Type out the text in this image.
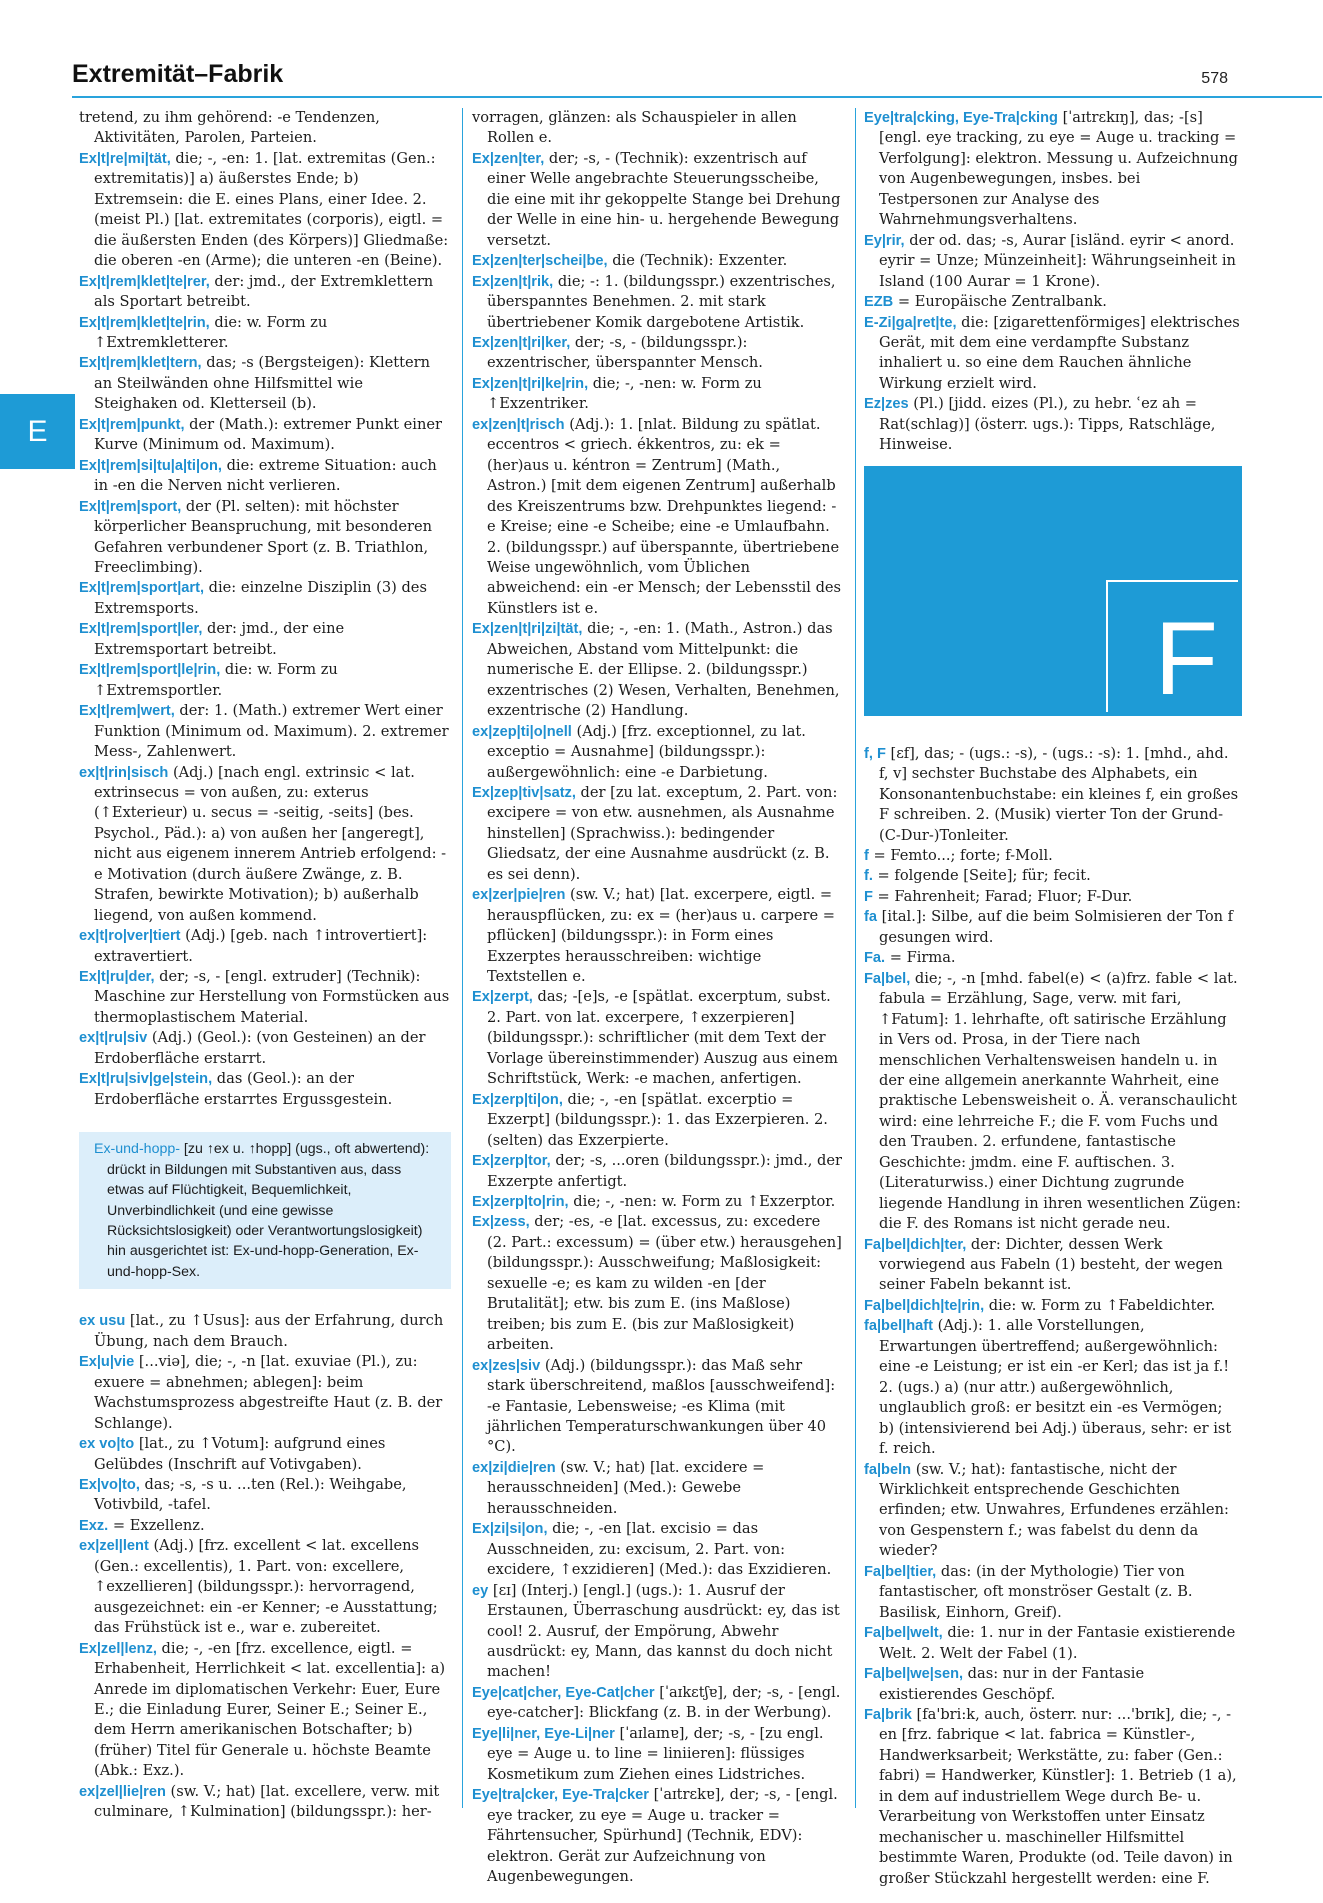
Extremität–Fabrik	578
E

tretend, zu ihm gehörend: -e Tendenzen, Aktivitäten, Parolen, Parteien.

Ex|t|re|mi|tät, die; -, -en: 1. [lat. extremitas (Gen.: extremitatis)] a) äußerstes Ende; b) Extremsein: die E. eines Plans, einer Idee. 2. (meist Pl.) [lat. extremitates (corporis), eigtl. = die äußersten Enden (des Körpers)] Gliedmaße: die oberen -en (Arme); die unteren -en (Beine).

Ex|t|rem|klet|te|rer, der: jmd., der Extremklettern als Sportart betreibt.

Ex|t|rem|klet|te|rin, die: w. Form zu ↑Extremkletterer.

Ex|t|rem|klet|tern, das; -s (Bergsteigen): Klettern an Steilwänden ohne Hilfsmittel wie Steighaken od. Kletterseil (b).

Ex|t|rem|punkt, der (Math.): extremer Punkt einer Kurve (Minimum od. Maximum).

Ex|t|rem|si|tu|a|ti|on, die: extreme Situation: auch in -en die Nerven nicht verlieren.

Ex|t|rem|sport, der (Pl. selten): mit höchster körperlicher Beanspruchung, mit besonderen Gefahren verbundener Sport (z. B. Triathlon, Freeclimbing).

Ex|t|rem|sport|art, die: einzelne Disziplin (3) des Extremsports.

Ex|t|rem|sport|ler, der: jmd., der eine Extremsportart betreibt.

Ex|t|rem|sport|le|rin, die: w. Form zu ↑Extremsportler.

Ex|t|rem|wert, der: 1. (Math.) extremer Wert einer Funktion (Minimum od. Maximum). 2. extremer Mess-, Zahlenwert.

ex|t|rin|sisch (Adj.) [nach engl. extrinsic < lat. extrinsecus = von außen, zu: exterus (↑Exterieur) u. secus = -seitig, -seits] (bes. Psychol., Päd.): a) von außen her [angeregt], nicht aus eigenem innerem Antrieb erfolgend: -e Motivation (durch äußere Zwänge, z. B. Strafen, bewirkte Motivation); b) außerhalb liegend, von außen kommend.

ex|t|ro|ver|tiert (Adj.) [geb. nach ↑introvertiert]: extravertiert.

Ex|t|ru|der, der; -s, - [engl. extruder] (Technik): Maschine zur Herstellung von Formstücken aus thermoplastischem Material.

ex|t|ru|siv (Adj.) (Geol.): (von Gesteinen) an der Erdoberfläche erstarrt.

Ex|t|ru|siv|ge|stein, das (Geol.): an der Erdoberfläche erstarrtes Ergussgestein.

Ex-und-hopp- [zu ↑ex u. ↑hopp] (ugs., oft abwertend): drückt in Bildungen mit Substantiven aus, dass etwas auf Flüchtigkeit, Bequemlichkeit, Unverbindlichkeit (und eine gewisse Rücksichtslosigkeit) oder Verantwortungslosigkeit) hin ausgerichtet ist: Ex-und-hopp-Generation, Ex-und-hopp-Sex.

ex usu [lat., zu ↑Usus]: aus der Erfahrung, durch Übung, nach dem Brauch.

Ex|u|vie [...viə], die; -, -n [lat. exuviae (Pl.), zu: exuere = abnehmen; ablegen]: beim Wachstumsprozess abgestreifte Haut (z. B. der Schlange).

ex vo|to [lat., zu ↑Votum]: aufgrund eines Gelübdes (Inschrift auf Votivgaben).

Ex|vo|to, das; -s, -s u. ...ten (Rel.): Weihgabe, Votivbild, -tafel.

Exz. = Exzellenz.

ex|zel|lent (Adj.) [frz. excellent < lat. excellens (Gen.: excellentis), 1. Part. von: excellere, ↑exzellieren] (bildungsspr.): hervorragend, ausgezeichnet: ein -er Kenner; -e Ausstattung; das Frühstück ist e., war e. zubereitet.

Ex|zel|lenz, die; -, -en [frz. excellence, eigtl. = Erhabenheit, Herrlichkeit < lat. excellentia]: a) Anrede im diplomatischen Verkehr: Euer, Eure E.; die Einladung Eurer, Seiner E.; Seiner E., dem Herrn amerikanischen Botschafter; b) (früher) Titel für Generale u. höchste Beamte (Abk.: Exz.).

ex|zel|lie|ren (sw. V.; hat) [lat. excellere, verw. mit culminare, ↑Kulmination] (bildungsspr.): her-

vorragen, glänzen: als Schauspieler in allen Rollen e.

Ex|zen|ter, der; -s, - (Technik): exzentrisch auf einer Welle angebrachte Steuerungsscheibe, die eine mit ihr gekoppelte Stange bei Drehung der Welle in eine hin- u. hergehende Bewegung versetzt.

Ex|zen|ter|schei|be, die (Technik): Exzenter.

Ex|zen|t|rik, die; -: 1. (bildungsspr.) exzentrisches, überspanntes Benehmen. 2. mit stark übertriebener Komik dargebotene Artistik.

Ex|zen|t|ri|ker, der; -s, - (bildungsspr.): exzentrischer, überspannter Mensch.

Ex|zen|t|ri|ke|rin, die; -, -nen: w. Form zu ↑Exzentriker.

ex|zen|t|risch (Adj.): 1. [nlat. Bildung zu spätlat. eccentros < griech. ékkentros, zu: ek = (her)aus u. kéntron = Zentrum] (Math., Astron.) [mit dem eigenen Zentrum] außerhalb des Kreiszentrums bzw. Drehpunktes liegend: -e Kreise; eine -e Scheibe; eine -e Umlaufbahn. 2. (bildungsspr.) auf überspannte, übertriebene Weise ungewöhnlich, vom Üblichen abweichend: ein -er Mensch; der Lebensstil des Künstlers ist e.

Ex|zen|t|ri|zi|tät, die; -, -en: 1. (Math., Astron.) das Abweichen, Abstand vom Mittelpunkt: die numerische E. der Ellipse. 2. (bildungsspr.) exzentrisches (2) Wesen, Verhalten, Benehmen, exzentrische (2) Handlung.

ex|zep|ti|o|nell (Adj.) [frz. exceptionnel, zu lat. exceptio = Ausnahme] (bildungsspr.): außergewöhnlich: eine -e Darbietung.

Ex|zep|tiv|satz, der [zu lat. exceptum, 2. Part. von: excipere = von etw. ausnehmen, als Ausnahme hinstellen] (Sprachwiss.): bedingender Gliedsatz, der eine Ausnahme ausdrückt (z. B. es sei denn).

ex|zer|pie|ren (sw. V.; hat) [lat. excerpere, eigtl. = herauspflücken, zu: ex = (her)aus u. carpere = pflücken] (bildungsspr.): in Form eines Exzerptes herausschreiben: wichtige Textstellen e.

Ex|zerpt, das; -[e]s, -e [spätlat. excerptum, subst. 2. Part. von lat. excerpere, ↑exzerpieren] (bildungsspr.): schriftlicher (mit dem Text der Vorlage übereinstimmender) Auszug aus einem Schriftstück, Werk: -e machen, anfertigen.

Ex|zerp|ti|on, die; -, -en [spätlat. excerptio = Exzerpt] (bildungsspr.): 1. das Exzerpieren. 2. (selten) das Exzerpierte.

Ex|zerp|tor, der; -s, ...oren (bildungsspr.): jmd., der Exzerpte anfertigt.

Ex|zerp|to|rin, die; -, -nen: w. Form zu ↑Exzerptor.

Ex|zess, der; -es, -e [lat. excessus, zu: excedere (2. Part.: excessum) = (über etw.) herausgehen] (bildungsspr.): Ausschweifung; Maßlosigkeit: sexuelle -e; es kam zu wilden -en [der Brutalität]; etw. bis zum E. (ins Maßlose) treiben; bis zum E. (bis zur Maßlosigkeit) arbeiten.

ex|zes|siv (Adj.) (bildungsspr.): das Maß sehr stark überschreitend, maßlos [ausschweifend]: -e Fantasie, Lebensweise; -es Klima (mit jährlichen Temperaturschwankungen über 40 °C).

ex|zi|die|ren (sw. V.; hat) [lat. excidere = herausschneiden] (Med.): Gewebe herausschneiden.

Ex|zi|si|on, die; -, -en [lat. excisio = das Ausschneiden, zu: excisum, 2. Part. von: excidere, ↑exzidieren] (Med.): das Exzidieren.

ey [ɛɪ] (Interj.) [engl.] (ugs.): 1. Ausruf der Erstaunen, Überraschung ausdrückt: ey, das ist cool! 2. Ausruf, der Empörung, Abwehr ausdrückt: ey, Mann, das kannst du doch nicht machen!

Eye|cat|cher, Eye-Cat|cher [ˈaɪkɛtʃɐ], der; -s, - [engl. eye-catcher]: Blickfang (z. B. in der Werbung).

Eye|li|ner, Eye-Li|ner [ˈaɪlaɪnɐ], der; -s, - [zu engl. eye = Auge u. to line = liniieren]: flüssiges Kosmetikum zum Ziehen eines Lidstriches.

Eye|tra|cker, Eye-Tra|cker [ˈaɪtrɛkɐ], der; -s, - [engl. eye tracker, zu eye = Auge u. tracker = Fährtensucher, Spürhund] (Technik, EDV): elektron. Gerät zur Aufzeichnung von Augenbewegungen.

Eye|tra|cking, Eye-Tra|cking [ˈaɪtrɛkɪŋ], das; -[s] [engl. eye tracking, zu eye = Auge u. tracking = Verfolgung]: elektron. Messung u. Aufzeichnung von Augenbewegungen, insbes. bei Testpersonen zur Analyse des Wahrnehmungsverhaltens.

Ey|rir, der od. das; -s, Aurar [isländ. eyrir < anord. eyrir = Unze; Münzeinheit]: Währungseinheit in Island (100 Aurar = 1 Krone).

EZB = Europäische Zentralbank.

E-Zi|ga|ret|te, die: [zigarettenförmiges] elektrisches Gerät, mit dem eine verdampfte Substanz inhaliert u. so eine dem Rauchen ähnliche Wirkung erzielt wird.

Ez|zes (Pl.) [jidd. eizes (Pl.), zu hebr. ʿez ah = Rat(schlag)] (österr. ugs.): Tipps, Ratschläge, Hinweise.

F

f, F [ɛf], das; - (ugs.: -s), - (ugs.: -s): 1. [mhd., ahd. f, v] sechster Buchstabe des Alphabets, ein Konsonantenbuchstabe: ein kleines f, ein großes F schreiben. 2. (Musik) vierter Ton der Grund-(C-Dur-)Tonleiter.

f = Femto...; forte; f-Moll.

f. = folgende [Seite]; für; fecit.

F = Fahrenheit; Farad; Fluor; F-Dur.

fa [ital.]: Silbe, auf die beim Solmisieren der Ton f gesungen wird.

Fa. = Firma.

Fa|bel, die; -, -n [mhd. fabel(e) < (a)frz. fable < lat. fabula = Erzählung, Sage, verw. mit fari, ↑Fatum]: 1. lehrhafte, oft satirische Erzählung in Vers od. Prosa, in der Tiere nach menschlichen Verhaltensweisen handeln u. in der eine allgemein anerkannte Wahrheit, eine praktische Lebensweisheit o. Ä. veranschaulicht wird: eine lehrreiche F.; die F. vom Fuchs und den Trauben. 2. erfundene, fantastische Geschichte: jmdm. eine F. auftischen. 3. (Literaturwiss.) einer Dichtung zugrunde liegende Handlung in ihren wesentlichen Zügen: die F. des Romans ist nicht gerade neu.

Fa|bel|dich|ter, der: Dichter, dessen Werk vorwiegend aus Fabeln (1) besteht, der wegen seiner Fabeln bekannt ist.

Fa|bel|dich|te|rin, die: w. Form zu ↑Fabeldichter.

fa|bel|haft (Adj.): 1. alle Vorstellungen, Erwartungen übertreffend; außergewöhnlich: eine -e Leistung; er ist ein -er Kerl; das ist ja f.! 2. (ugs.) a) (nur attr.) außergewöhnlich, unglaublich groß: er besitzt ein -es Vermögen; b) (intensivierend bei Adj.) überaus, sehr: er ist f. reich.

fa|beln (sw. V.; hat): fantastische, nicht der Wirklichkeit entsprechende Geschichten erfinden; etw. Unwahres, Erfundenes erzählen: von Gespenstern f.; was fabelst du denn da wieder?

Fa|bel|tier, das: (in der Mythologie) Tier von fantastischer, oft monströser Gestalt (z. B. Basilisk, Einhorn, Greif).

Fa|bel|welt, die: 1. nur in der Fantasie existierende Welt. 2. Welt der Fabel (1).

Fa|bel|we|sen, das: nur in der Fantasie existierendes Geschöpf.

Fa|brik [fa'bri:k, auch, österr. nur: ...'brɪk], die; -, -en [frz. fabrique < lat. fabrica = Künstler-, Handwerksarbeit; Werkstätte, zu: faber (Gen.: fabri) = Handwerker, Künstler]: 1. Betrieb (1 a), in dem auf industriellem Wege durch Be- u. Verarbeitung von Werkstoffen unter Einsatz mechanischer u. maschineller Hilfsmittel bestimmte Waren, Produkte (od. Teile davon) in großer Stückzahl hergestellt werden: eine F.
